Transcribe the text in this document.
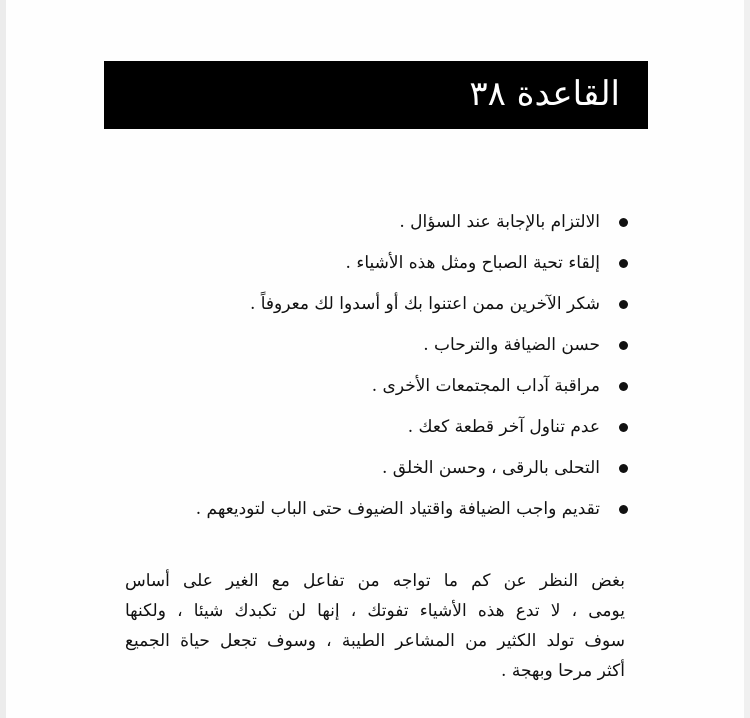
القاعدة ٣٨
الالتزام بالإجابة عند السؤال .
إلقاء تحية الصباح ومثل هذه الأشياء .
شكر الآخرين ممن اعتنوا بك أو أسدوا لك معروفاً .
حسن الضيافة والترحاب .
مراقبة آداب المجتمعات الأخرى .
عدم تناول آخر قطعة كعك .
التحلى بالرقى ، وحسن الخلق .
تقديم واجب الضيافة واقتياد الضيوف حتى الباب لتوديعهم .
بغض النظر عن كم ما تواجه من تفاعل مع الغير على أساس
يومى ، لا تدع هذه الأشياء تفوتك ، إنها لن تكبدك شيئا ، ولكنها
سوف تولد الكثير من المشاعر الطيبة ، وسوف تجعل حياة الجميع
أكثر مرحا وبهجة .
